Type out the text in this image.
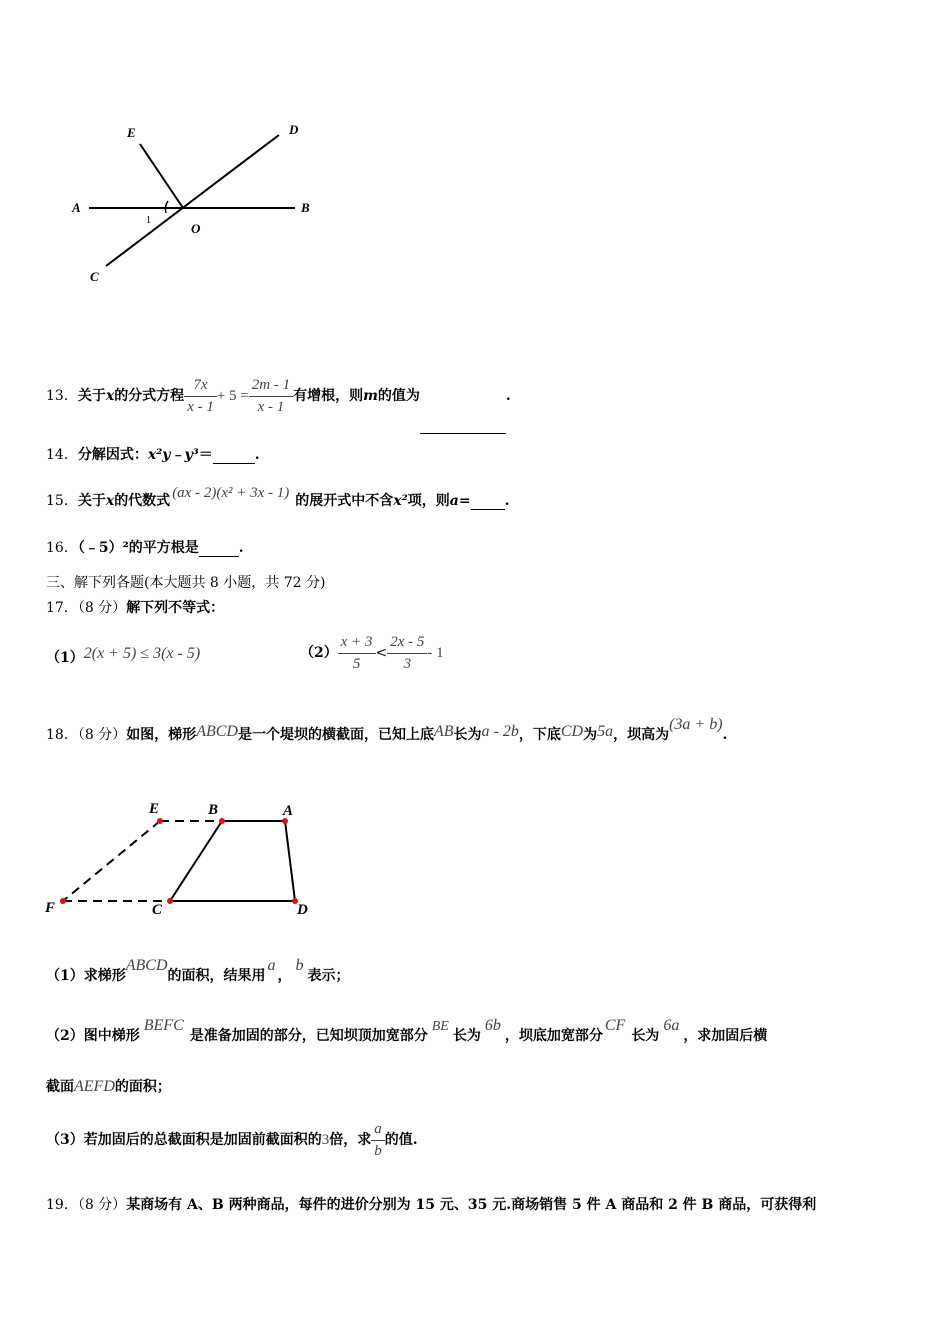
A	B
C
D
E
O
1
13．关于x的分式方程 $\frac{7x}{x - 1} + 5 = \frac{2m - 1}{x - 1}$ 有增根，则m的值为	.
14．分解因式：x²y﹣y³＝	.
15．关于x的代数式 (ax - 2)(x² + 3x - 1) 的展开式中不含x²项，则a= .
16．（﹣5）²的平方根是	.
三、解下列各题(本大题共 8 小题，共 72 分)
17．（8 分）解下列不等式：
（1）2(x + 5) ≤ 3(x - 5)	$(2) \frac{x + 3}{5} < \frac{2x - 5}{3} - 1$
18．（8 分）如图，梯形ABCD是一个堤坝的横截面，已知上底AB长为a - 2b，下底CD为5a，坝高为(3a + b).
E	B	A
F	C	D
（1）求梯形ABCD的面积，结果用a，b表示；
（2）图中梯形BEFC是准备加固的部分，已知坝顶加宽部分BE长为6b，坝底加宽部分CF长为6a，求加固后横
截面AEFD的面积；
（3）若加固后的总截面积是加固前截面积的3倍，求 $\frac{a}{b}$ 的值.
19．（8 分）某商场有 A、B 两种商品，每件的进价分别为 15 元、35 元.商场销售 5 件 A 商品和 2 件 B 商品，可获得利
